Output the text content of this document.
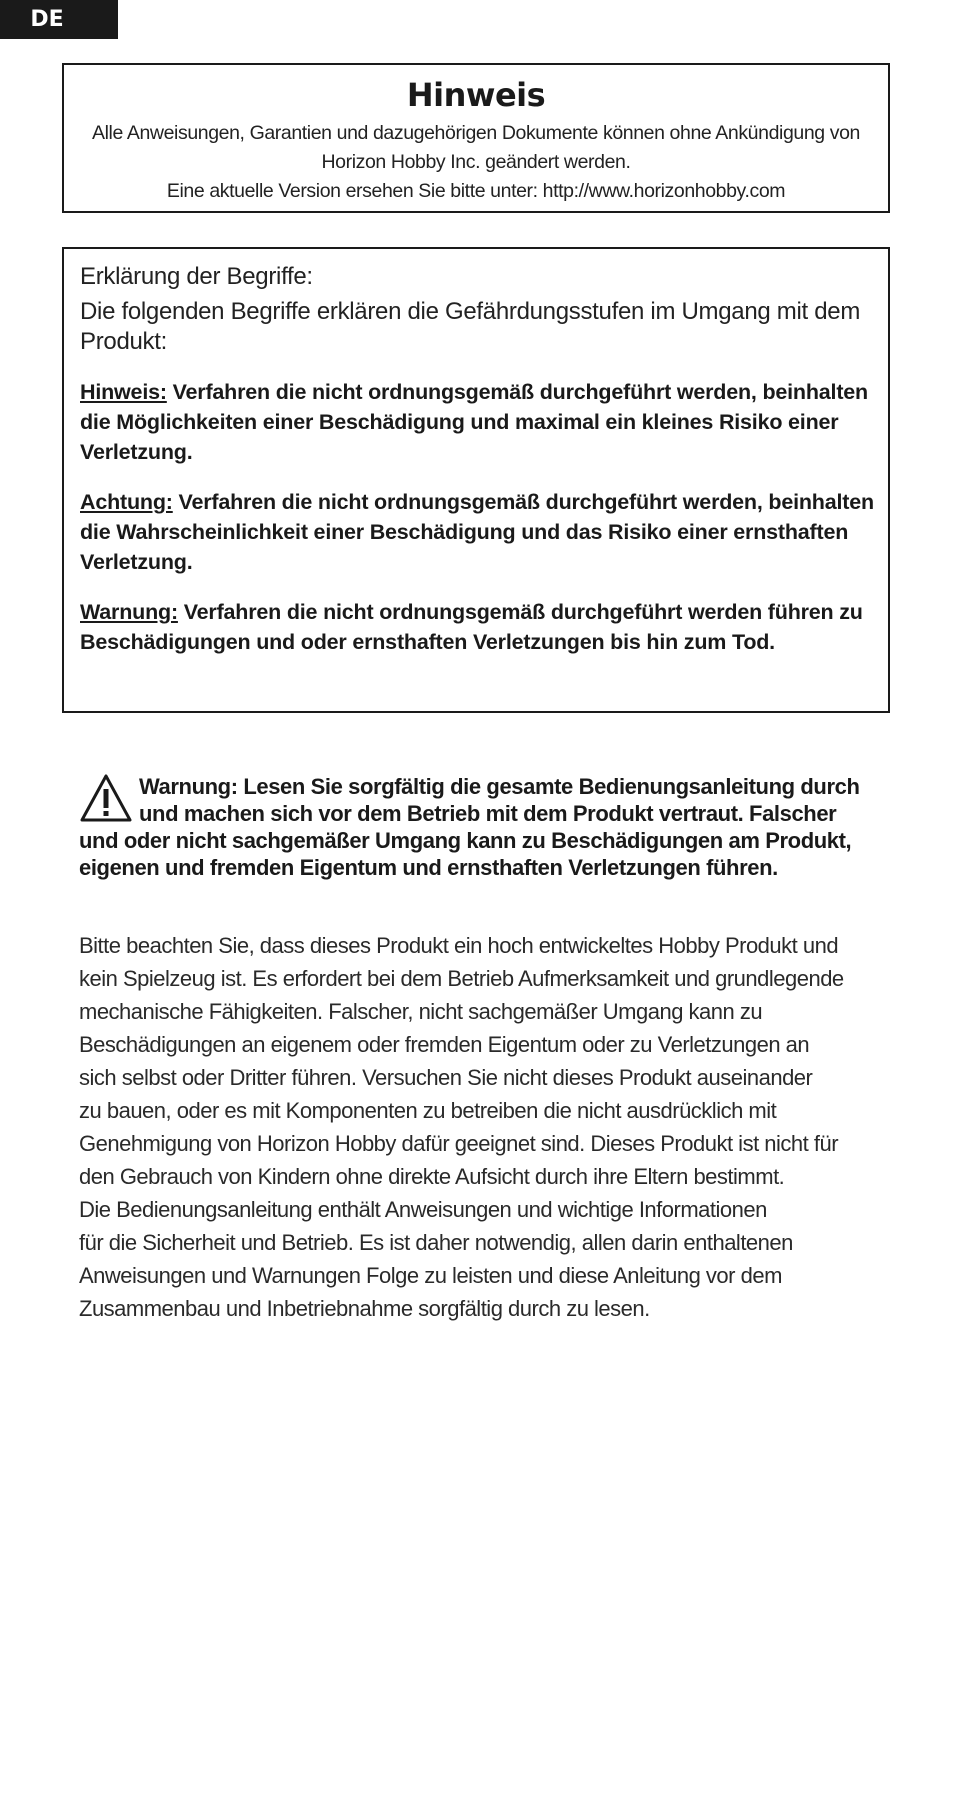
DE
Hinweis
Alle Anweisungen, Garantien und dazugehörigen Dokumente können ohne Ankündigung von
Horizon Hobby Inc. geändert werden.
Eine aktuelle Version ersehen Sie bitte unter: http://www.horizonhobby.com
Erklärung der Begriffe:
Die folgenden Begriffe erklären die Gefährdungsstufen im Umgang mit dem Produkt:
Hinweis: Verfahren die nicht ordnungsgemäß durchgeführt werden, beinhalten die Möglichkeiten einer Beschädigung und maximal ein kleines Risiko einer Verletzung.
Achtung: Verfahren die nicht ordnungsgemäß durchgeführt werden, beinhalten die Wahrscheinlichkeit einer Beschädigung und das Risiko einer ernsthaften Verletzung.
Warnung: Verfahren die nicht ordnungsgemäß durchgeführt werden führen zu Beschädigungen und oder ernsthaften Verletzungen bis hin zum Tod.
Warnung: Lesen Sie sorgfältig die gesamte Bedienungsanleitung durch und machen sich vor dem Betrieb mit dem Produkt vertraut. Falscher und oder nicht sachgemäßer Umgang kann zu Beschädigungen am Produkt, eigenen und fremden Eigentum und ernsthaften Verletzungen führen.
Bitte beachten Sie, dass dieses Produkt ein hoch entwickeltes Hobby Produkt und
kein Spielzeug ist. Es erfordert bei dem Betrieb Aufmerksamkeit und grundlegende
mechanische Fähigkeiten. Falscher, nicht sachgemäßer Umgang kann zu
Beschädigungen an eigenem oder fremden Eigentum oder zu Verletzungen an
sich selbst oder Dritter führen. Versuchen Sie nicht dieses Produkt auseinander
zu bauen, oder es mit Komponenten zu betreiben die nicht ausdrücklich mit
Genehmigung von Horizon Hobby dafür geeignet sind. Dieses Produkt ist nicht für
den Gebrauch von Kindern ohne direkte Aufsicht durch ihre Eltern bestimmt.
Die Bedienungsanleitung enthält Anweisungen und wichtige Informationen
für die Sicherheit und Betrieb. Es ist daher notwendig, allen darin enthaltenen
Anweisungen und Warnungen Folge zu leisten und diese Anleitung vor dem
Zusammenbau und Inbetriebnahme sorgfältig durch zu lesen.
